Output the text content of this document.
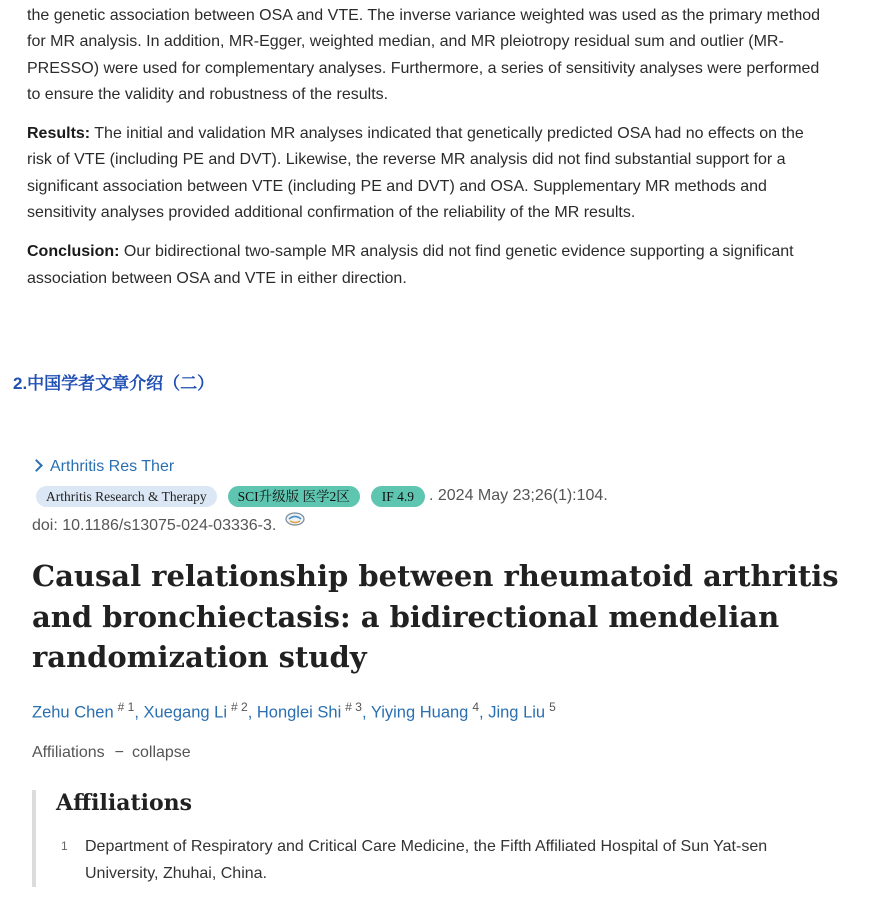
the genetic association between OSA and VTE. The inverse variance weighted was used as the primary method for MR analysis. In addition, MR-Egger, weighted median, and MR pleiotropy residual sum and outlier (MR-PRESSO) were used for complementary analyses. Furthermore, a series of sensitivity analyses were performed to ensure the validity and robustness of the results.

Results: The initial and validation MR analyses indicated that genetically predicted OSA had no effects on the risk of VTE (including PE and DVT). Likewise, the reverse MR analysis did not find substantial support for a significant association between VTE (including PE and DVT) and OSA. Supplementary MR methods and sensitivity analyses provided additional confirmation of the reliability of the MR results.

Conclusion: Our bidirectional two-sample MR analysis did not find genetic evidence supporting a significant association between OSA and VTE in either direction.

2.中国学者文章介绍（二）
Arthritis Res Ther
Arthritis Research & Therapy	SCI升级版 医学2区	IF 4.9 . 2024 May 23;26(1):104.
doi: 10.1186/s13075-024-03336-3.
Causal relationship between rheumatoid arthritis and bronchiectasis: a bidirectional mendelian randomization study
Zehu Chen $^{\# 1}$, Xuegang Li $^{\# 2}$, Honglei Shi $^{\# 3}$, Yiying Huang $^4$, Jing Liu $^5$
Affiliations − collapse
Affiliations
1	Department of Respiratory and Critical Care Medicine, the Fifth Affiliated Hospital of Sun Yat-sen University, Zhuhai, China.
